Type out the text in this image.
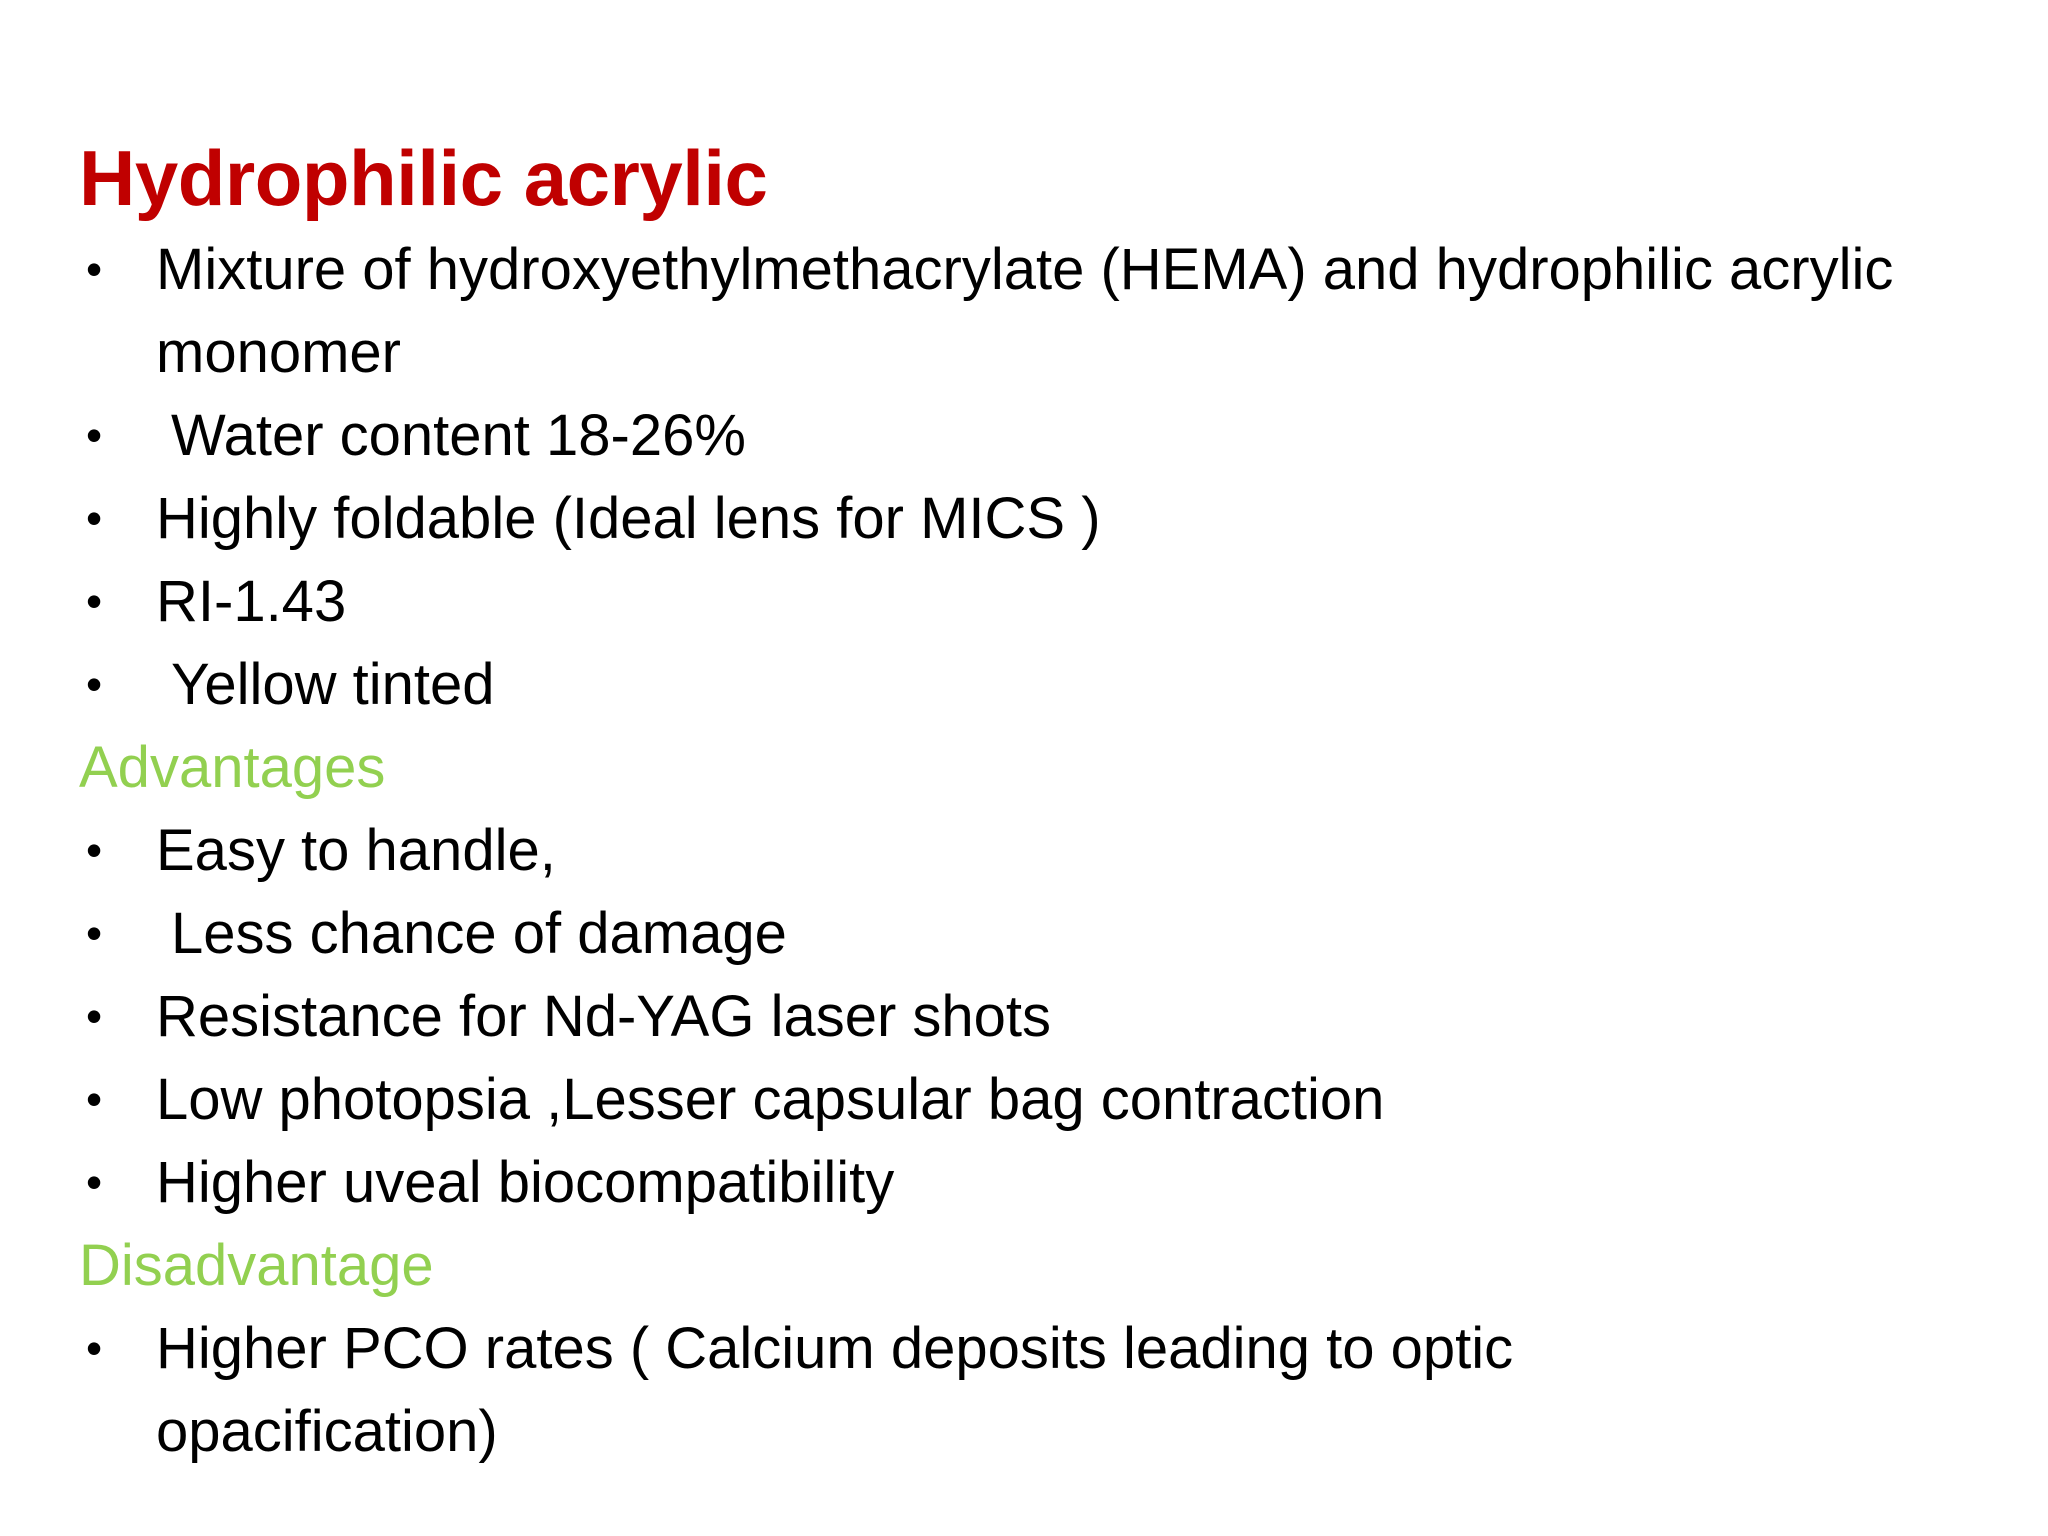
Hydrophilic acrylic
• Mixture of hydroxyethylmethacrylate (HEMA) and hydrophilic acrylic monomer
• Water content 18-26%
• Highly foldable (Ideal lens for MICS )
• RI-1.43
• Yellow tinted
Advantages
• Easy to handle,
• Less chance of damage
• Resistance for Nd-YAG laser shots
• Low photopsia ,Lesser capsular bag contraction
• Higher uveal biocompatibility
Disadvantage
• Higher PCO rates ( Calcium deposits leading to optic opacification)
